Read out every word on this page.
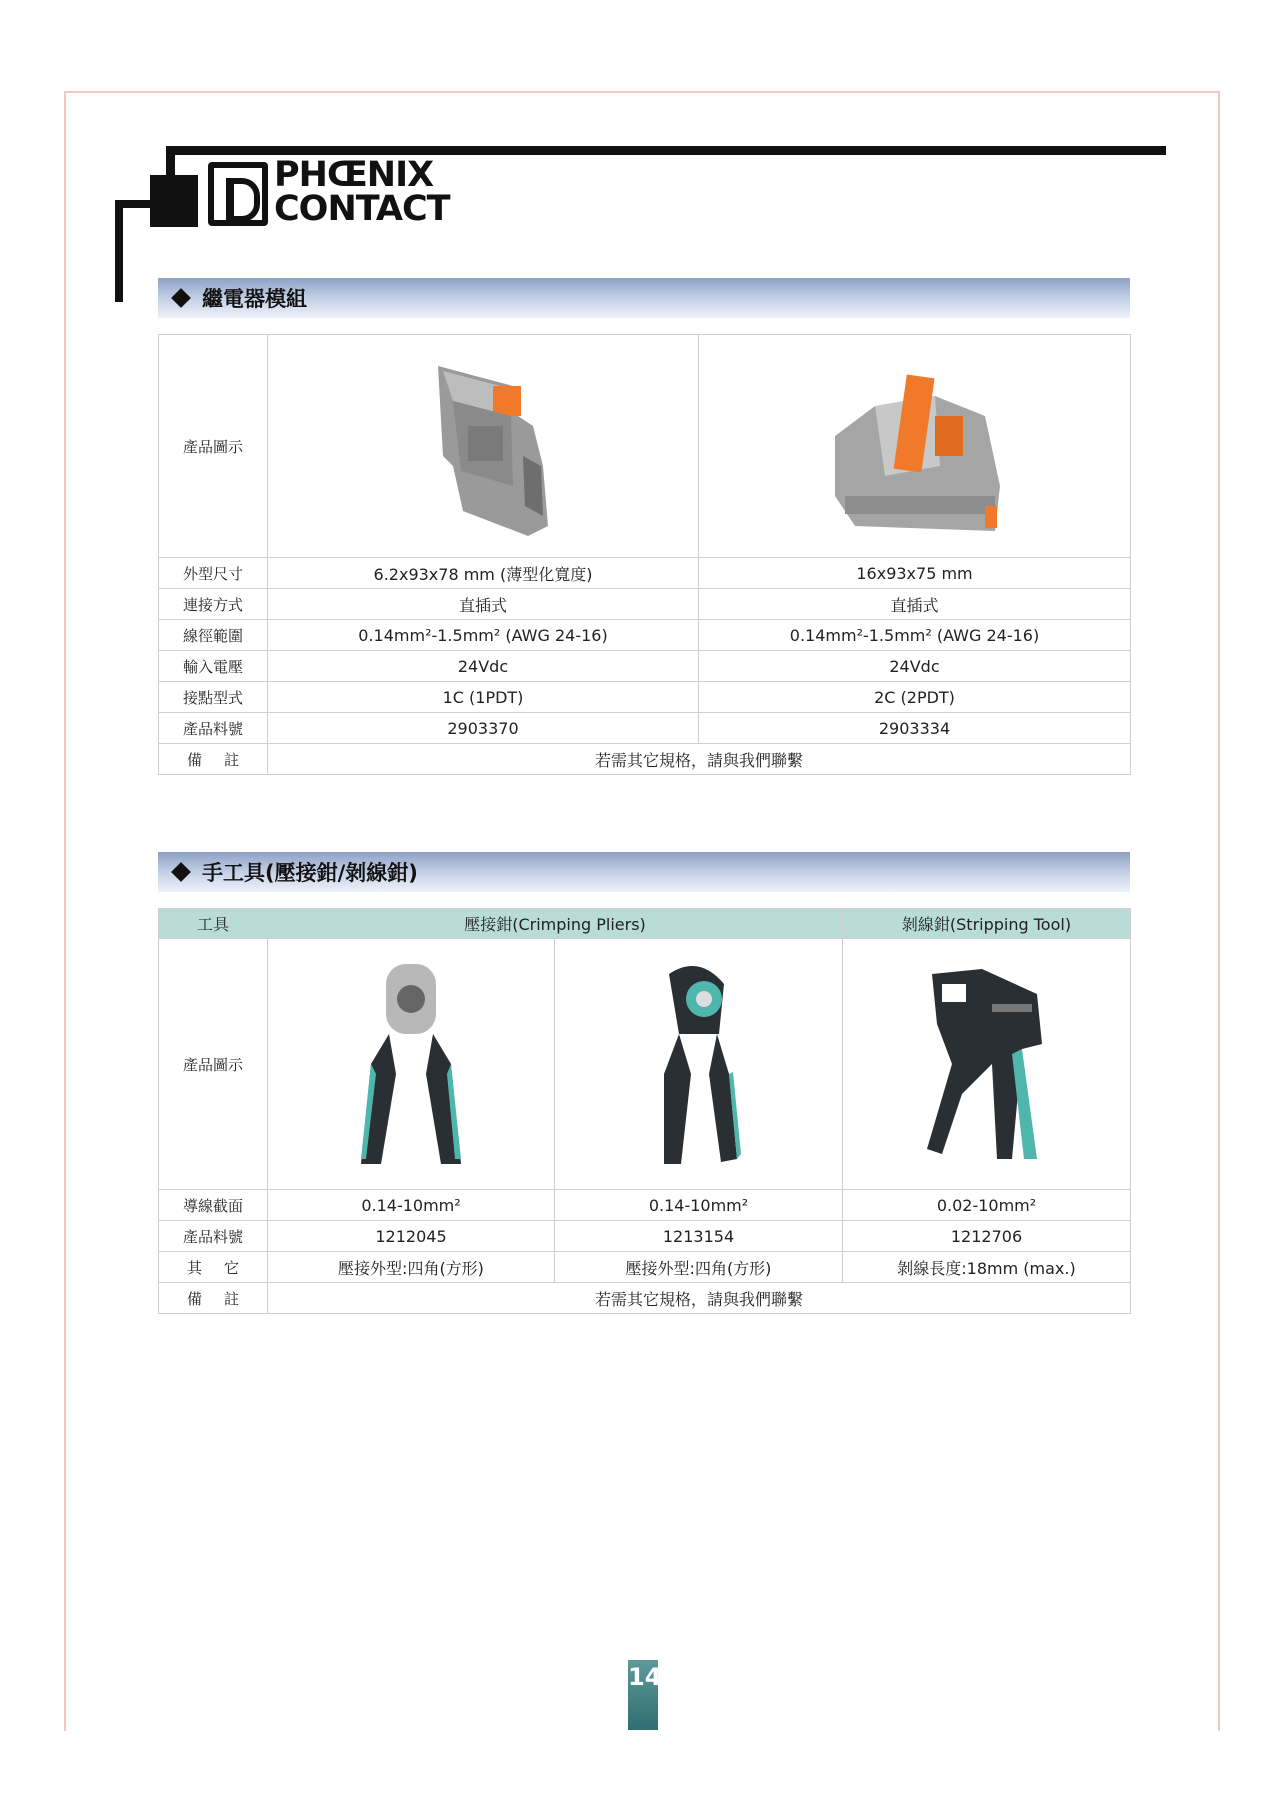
PHŒNIX
CONTACT
繼電器模組
產品圖示	

外型尺寸	6.2x93x78 mm (薄型化寬度)	16x93x75 mm
連接方式	直插式	直插式
線徑範圍	0.14mm²-1.5mm² (AWG 24-16)	0.14mm²-1.5mm² (AWG 24-16)
輸入電壓	24Vdc	24Vdc
接點型式	1C (1PDT)	2C (2PDT)
產品料號	2903370	2903334
備註	若需其它規格，請與我們聯繫	
手工具(壓接鉗/剝線鉗)
工具	壓接鉗(Crimping Pliers)		剝線鉗(Stripping Tool)
產品圖示	

導線截面	0.14-10mm²	0.14-10mm²	0.02-10mm²
產品料號	1212045	1213154	1212706
其它	壓接外型:四角(方形)	壓接外型:四角(方形)	剝線長度:18mm (max.)
備註	若需其它規格，請與我們聯繫		
14
